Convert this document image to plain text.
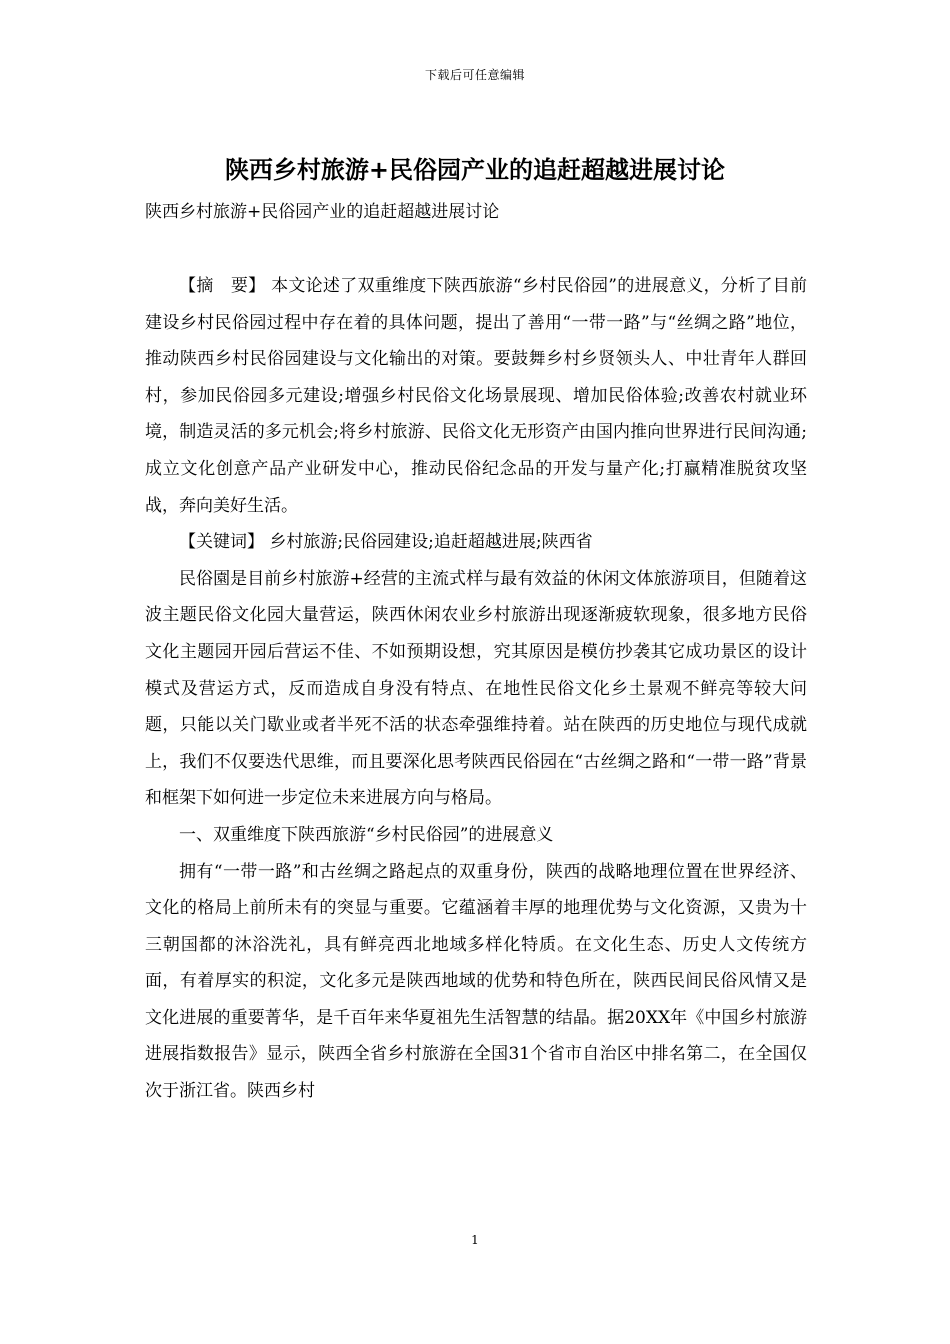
下载后可任意编辑
陕西乡村旅游+民俗园产业的追赶超越进展讨论

陕西乡村旅游+民俗园产业的追赶超越进展讨论

【摘　要】 本文论述了双重维度下陕西旅游“乡村民俗园”的进展意义，分析了目前建设乡村民俗园过程中存在着的具体问题，提出了善用“一带一路”与“丝绸之路”地位，推动陕西乡村民俗园建设与文化输出的对策。要鼓舞乡村乡贤领头人、中壮青年人群回村，参加民俗园多元建设;增强乡村民俗文化场景展现、增加民俗体验;改善农村就业环境，制造灵活的多元机会;将乡村旅游、民俗文化无形资产由国内推向世界进行民间沟通;成立文化创意产品产业研发中心，推动民俗纪念品的开发与量产化;打赢精准脱贫攻坚战，奔向美好生活。

【关键词】 乡村旅游;民俗园建设;追赶超越进展;陕西省

民俗園是目前乡村旅游+经营的主流式样与最有效益的休闲文体旅游项目，但随着这波主题民俗文化园大量营运，陕西休闲农业乡村旅游出现逐渐疲软现象，很多地方民俗文化主题园开园后营运不佳、不如预期设想，究其原因是模仿抄袭其它成功景区的设计模式及营运方式，反而造成自身没有特点、在地性民俗文化乡土景观不鲜亮等较大问题，只能以关门歇业或者半死不活的状态牵强维持着。站在陕西的历史地位与现代成就上，我们不仅要迭代思维，而且要深化思考陕西民俗园在“古丝绸之路和“一带一路”背景和框架下如何进一步定位未来进展方向与格局。

一、双重维度下陕西旅游“乡村民俗园”的进展意义

拥有“一带一路”和古丝绸之路起点的双重身份，陕西的战略地理位置在世界经济、文化的格局上前所未有的突显与重要。它蕴涵着丰厚的地理优势与文化资源，又贵为十三朝国都的沐浴洗礼，具有鲜亮西北地域多样化特质。在文化生态、历史人文传统方面，有着厚实的积淀，文化多元是陕西地域的优势和特色所在，陕西民间民俗风情又是文化进展的重要菁华，是千百年来华夏祖先生活智慧的结晶。据20XX年《中国乡村旅游进展指数报告》显示，陕西全省乡村旅游在全国31个省市自治区中排名第二，在全国仅次于浙江省。陕西乡村

1
